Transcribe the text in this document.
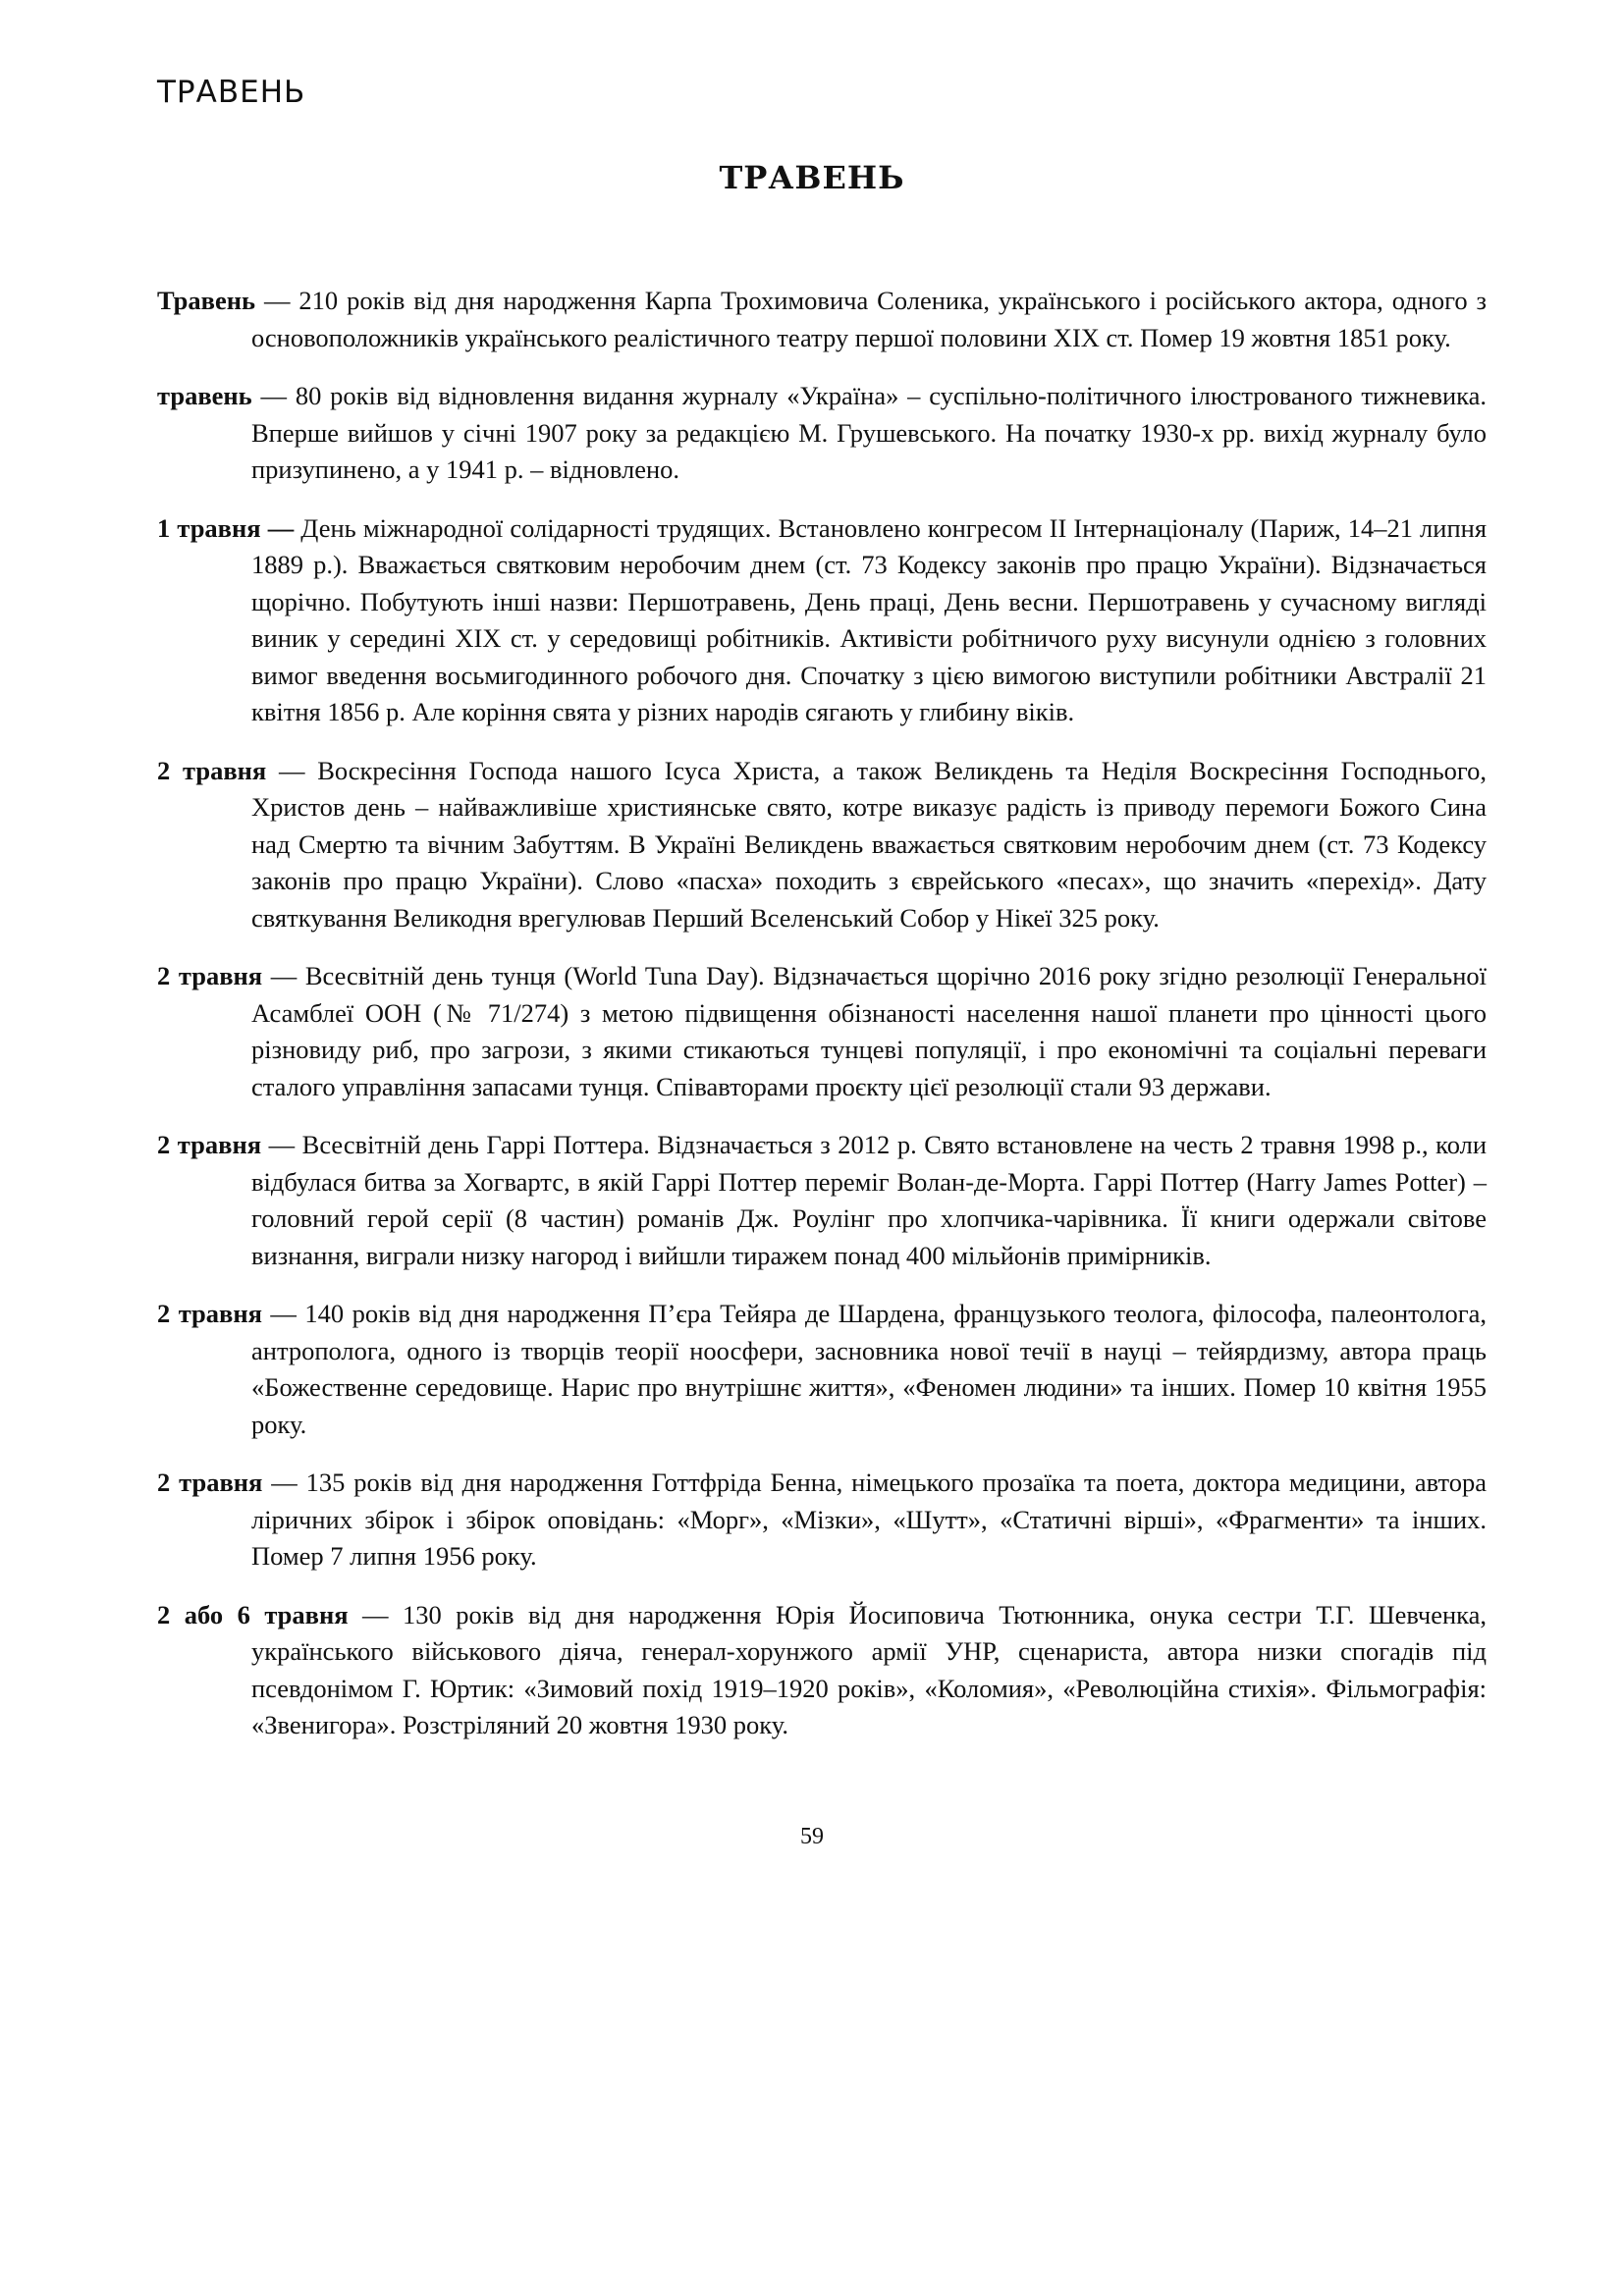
ТРАВЕНЬ
ТРАВЕНЬ

Травень — 210 років від дня народження Карпа Трохимовича Соленика, українського і російського актора, одного з основоположників українського реалістичного театру першої половини XIX ст. Помер 19 жовтня 1851 року.

травень — 80 років від відновлення видання журналу «Україна» – суспільно-політичного ілюстрованого тижневика. Вперше вийшов у січні 1907 року за редакцією М. Грушевського. На початку 1930-х рр. вихід журналу було призупинено, а у 1941 р. – відновлено.

1 травня — День міжнародної солідарності трудящих. Встановлено конгресом II Інтернаціоналу (Париж, 14–21 липня 1889 р.). Вважається святковим неробочим днем (ст. 73 Кодексу законів про працю України). Відзначається щорічно. Побутують інші назви: Першотравень, День праці, День весни. Першотравень у сучасному вигляді виник у середині XIX ст. у середовищі робітників. Активісти робітничого руху висунули однією з головних вимог введення восьмигодинного робочого дня. Спочатку з цією вимогою виступили робітники Австралії 21 квітня 1856 р. Але коріння свята у різних народів сягають у глибину віків.

2 травня — Воскресіння Господа нашого Ісуса Христа, а також Великдень та Неділя Воскресіння Господнього, Христов день – найважливіше християнське свято, котре виказує радість із приводу перемоги Божого Сина над Смертю та вічним Забуттям. В Україні Великдень вважається святковим неробочим днем (ст. 73 Кодексу законів про працю України). Слово «пасха» походить з єврейського «песах», що значить «перехід». Дату святкування Великодня врегулював Перший Вселенський Собор у Нікеї 325 року.

2 травня — Всесвітній день тунця (World Tuna Day). Відзначається щорічно 2016 року згідно резолюції Генеральної Асамблеї ООН (№ 71/274) з метою підвищення обізнаності населення нашої планети про цінності цього різновиду риб, про загрози, з якими стикаються тунцеві популяції, і про економічні та соціальні переваги сталого управління запасами тунця. Співавторами проєкту цієї резолюції стали 93 держави.

2 травня — Всесвітній день Гаррі Поттера. Відзначається з 2012 р. Свято встановлене на честь 2 травня 1998 р., коли відбулася битва за Хогвартс, в якій Гаррі Поттер переміг Волан-де-Морта. Гаррі Поттер (Harry James Potter) – головний герой серії (8 частин) романів Дж. Роулінг про хлопчика-чарівника. Її книги одержали світове визнання, виграли низку нагород і вийшли тиражем понад 400 мільйонів примірників.

2 травня — 140 років від дня народження П’єра Тейяра де Шардена, французького теолога, філософа, палеонтолога, антрополога, одного із творців теорії ноосфери, засновника нової течії в науці – тейярдизму, автора праць «Божественне середовище. Нарис про внутрішнє життя», «Феномен людини» та інших. Помер 10 квітня 1955 року.

2 травня — 135 років від дня народження Готтфріда Бенна, німецького прозаїка та поета, доктора медицини, автора ліричних збірок і збірок оповідань: «Морг», «Мізки», «Шутт», «Статичні вірші», «Фрагменти» та інших. Помер 7 липня 1956 року.

2 або 6 травня — 130 років від дня народження Юрія Йосиповича Тютюнника, онука сестри Т.Г. Шевченка, українського військового діяча, генерал-хорунжого армії УНР, сценариста, автора низки спогадів під псевдонімом Г. Юртик: «Зимовий похід 1919–1920 років», «Коломия», «Революційна стихія». Фільмографія: «Звенигора». Розстріляний 20 жовтня 1930 року.

59
